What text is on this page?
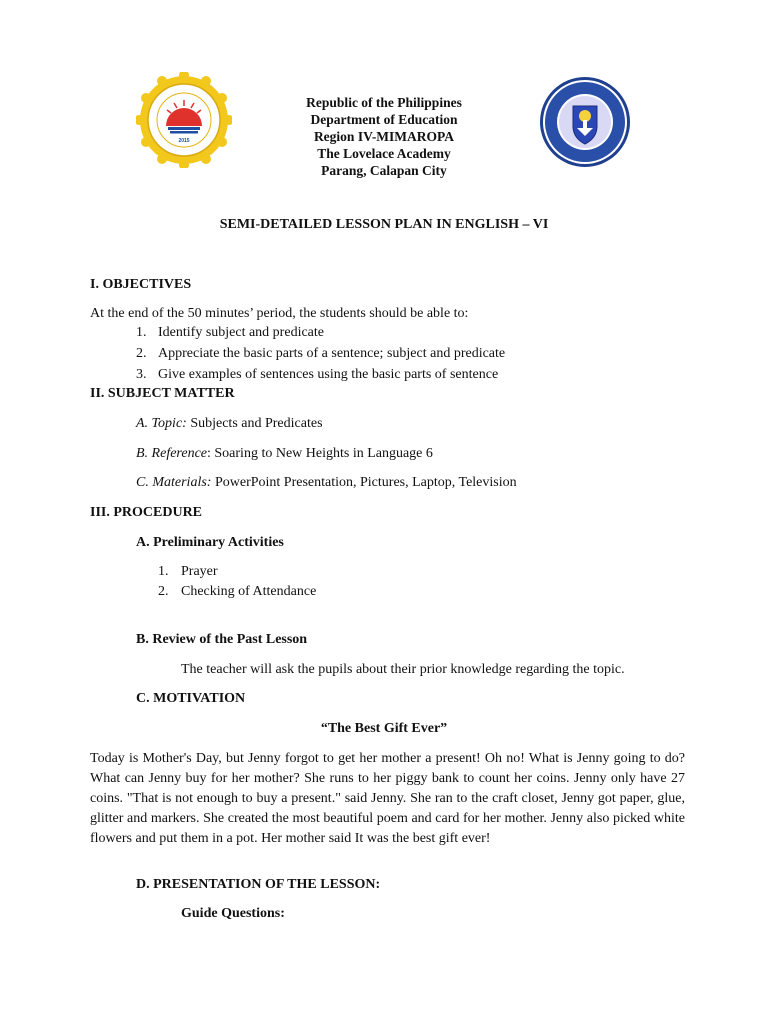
2015
Republic of the Philippines
Department of Education
Region IV-MIMAROPA
The Lovelace Academy
Parang, Calapan City
SEMI-DETAILED LESSON PLAN IN ENGLISH – VI
I. OBJECTIVES
At the end of the 50 minutes’ period, the students should be able to:
1. Identify subject and predicate
2. Appreciate the basic parts of a sentence; subject and predicate
3. Give examples of sentences using the basic parts of sentence
II. SUBJECT MATTER
A. Topic: Subjects and Predicates
B. Reference: Soaring to New Heights in Language 6
C. Materials: PowerPoint Presentation, Pictures, Laptop, Television
III. PROCEDURE
A. Preliminary Activities
1. Prayer
2. Checking of Attendance
B. Review of the Past Lesson
The teacher will ask the pupils about their prior knowledge regarding the topic.
C. MOTIVATION
“The Best Gift Ever”
Today is Mother's Day, but Jenny forgot to get her mother a present! Oh no! What is Jenny going to do? What can Jenny buy for her mother? She runs to her piggy bank to count her coins. Jenny only have 27 coins. "That is not enough to buy a present." said Jenny. She ran to the craft closet, Jenny got paper, glue, glitter and markers. She created the most beautiful poem and card for her mother. Jenny also picked white flowers and put them in a pot. Her mother said It was the best gift ever!
D. PRESENTATION OF THE LESSON:
Guide Questions:
